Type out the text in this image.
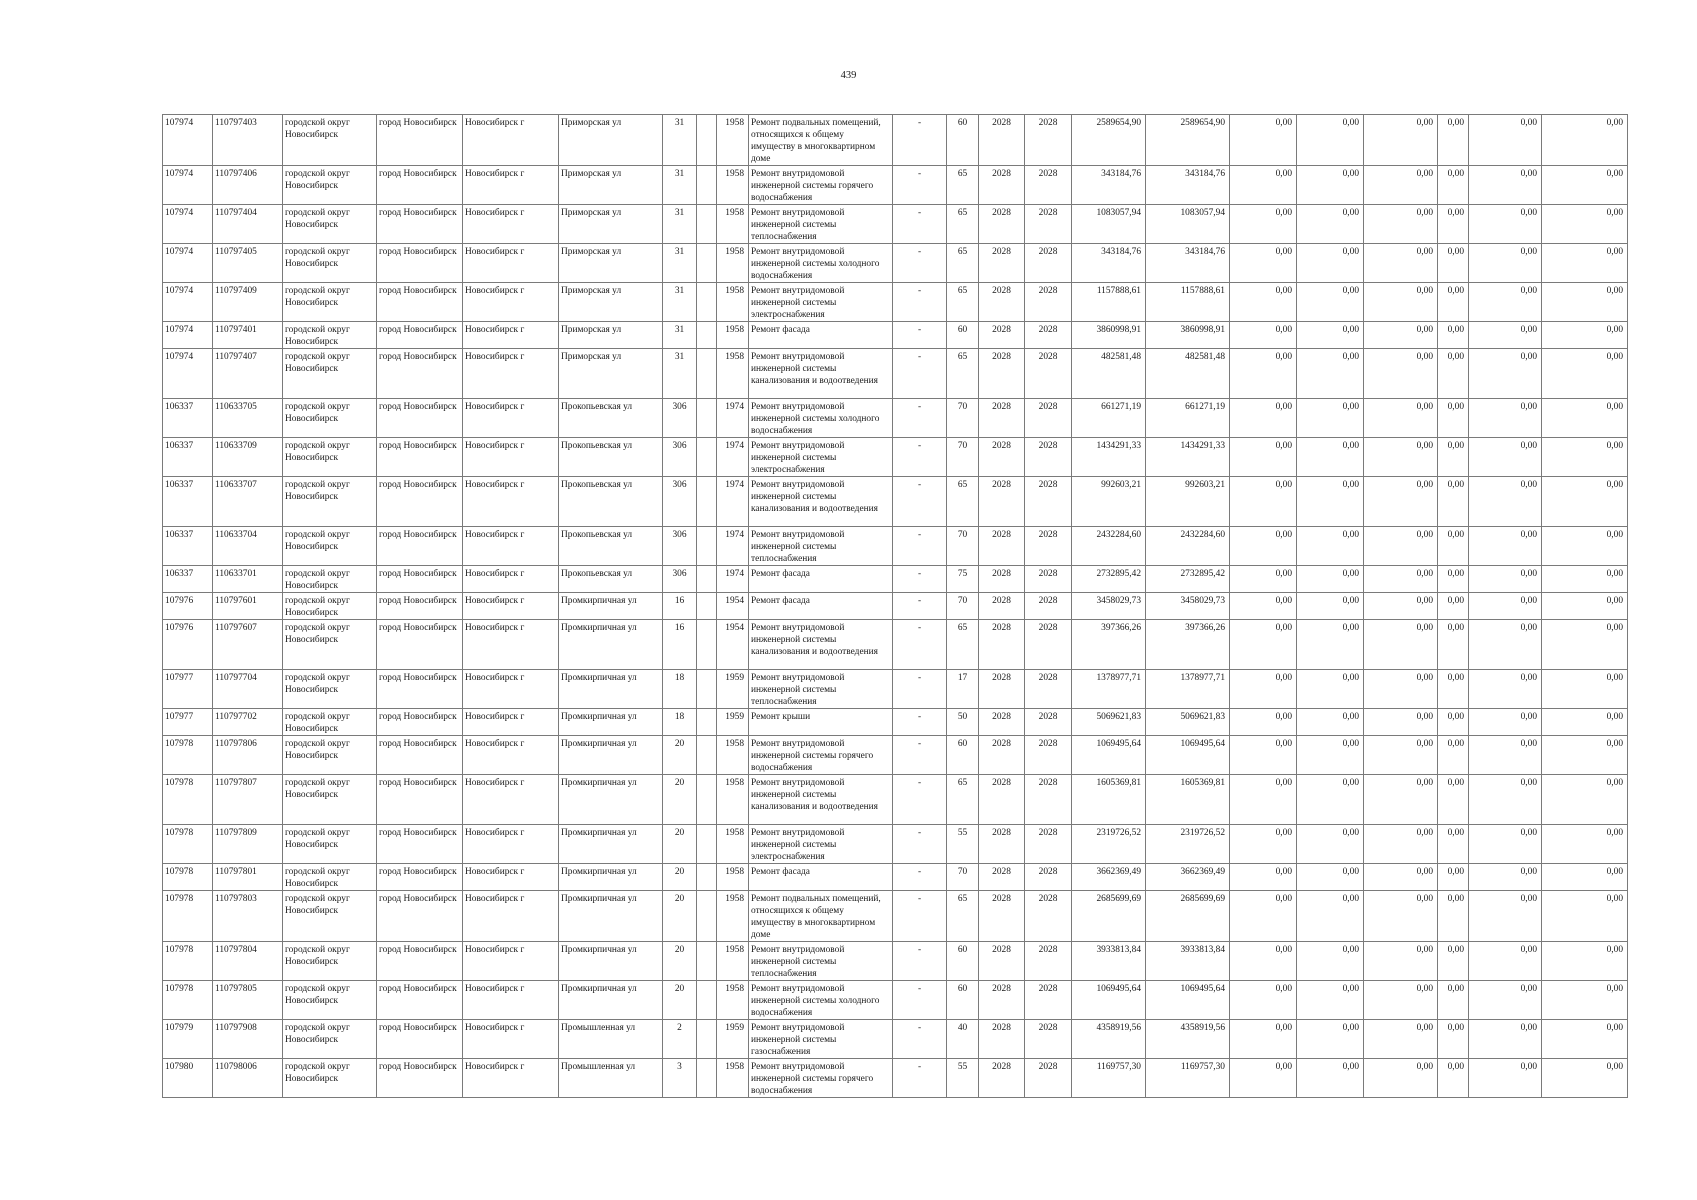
439
107974	110797403	городской округ Новосибирск	город Новосибирск	Новосибирск г	Приморская ул	31		1958	Ремонт подвальных помещений, относящихся к общему имуществу в многоквартирном доме	-	60	2028	2028	2589654,90	2589654,90	0,00	0,00	0,00	0,00	0,00	0,00
107974	110797406	городской округ Новосибирск	город Новосибирск	Новосибирск г	Приморская ул	31		1958	Ремонт внутридомовой инженерной системы горячего водоснабжения	-	65	2028	2028	343184,76	343184,76	0,00	0,00	0,00	0,00	0,00	0,00
107974	110797404	городской округ Новосибирск	город Новосибирск	Новосибирск г	Приморская ул	31		1958	Ремонт внутридомовой инженерной системы теплоснабжения	-	65	2028	2028	1083057,94	1083057,94	0,00	0,00	0,00	0,00	0,00	0,00
107974	110797405	городской округ Новосибирск	город Новосибирск	Новосибирск г	Приморская ул	31		1958	Ремонт внутридомовой инженерной системы холодного водоснабжения	-	65	2028	2028	343184,76	343184,76	0,00	0,00	0,00	0,00	0,00	0,00
107974	110797409	городской округ Новосибирск	город Новосибирск	Новосибирск г	Приморская ул	31		1958	Ремонт внутридомовой инженерной системы электроснабжения	-	65	2028	2028	1157888,61	1157888,61	0,00	0,00	0,00	0,00	0,00	0,00
107974	110797401	городской округ Новосибирск	город Новосибирск	Новосибирск г	Приморская ул	31		1958	Ремонт фасада	-	60	2028	2028	3860998,91	3860998,91	0,00	0,00	0,00	0,00	0,00	0,00
107974	110797407	городской округ Новосибирск	город Новосибирск	Новосибирск г	Приморская ул	31		1958	Ремонт внутридомовой инженерной системы канализования и водоотведения	-	65	2028	2028	482581,48	482581,48	0,00	0,00	0,00	0,00	0,00	0,00
106337	110633705	городской округ Новосибирск	город Новосибирск	Новосибирск г	Прокопьевская ул	306		1974	Ремонт внутридомовой инженерной системы холодного водоснабжения	-	70	2028	2028	661271,19	661271,19	0,00	0,00	0,00	0,00	0,00	0,00
106337	110633709	городской округ Новосибирск	город Новосибирск	Новосибирск г	Прокопьевская ул	306		1974	Ремонт внутридомовой инженерной системы электроснабжения	-	70	2028	2028	1434291,33	1434291,33	0,00	0,00	0,00	0,00	0,00	0,00
106337	110633707	городской округ Новосибирск	город Новосибирск	Новосибирск г	Прокопьевская ул	306		1974	Ремонт внутридомовой инженерной системы канализования и водоотведения	-	65	2028	2028	992603,21	992603,21	0,00	0,00	0,00	0,00	0,00	0,00
106337	110633704	городской округ Новосибирск	город Новосибирск	Новосибирск г	Прокопьевская ул	306		1974	Ремонт внутридомовой инженерной системы теплоснабжения	-	70	2028	2028	2432284,60	2432284,60	0,00	0,00	0,00	0,00	0,00	0,00
106337	110633701	городской округ Новосибирск	город Новосибирск	Новосибирск г	Прокопьевская ул	306		1974	Ремонт фасада	-	75	2028	2028	2732895,42	2732895,42	0,00	0,00	0,00	0,00	0,00	0,00
107976	110797601	городской округ Новосибирск	город Новосибирск	Новосибирск г	Промкирпичная ул	16		1954	Ремонт фасада	-	70	2028	2028	3458029,73	3458029,73	0,00	0,00	0,00	0,00	0,00	0,00
107976	110797607	городской округ Новосибирск	город Новосибирск	Новосибирск г	Промкирпичная ул	16		1954	Ремонт внутридомовой инженерной системы канализования и водоотведения	-	65	2028	2028	397366,26	397366,26	0,00	0,00	0,00	0,00	0,00	0,00
107977	110797704	городской округ Новосибирск	город Новосибирск	Новосибирск г	Промкирпичная ул	18		1959	Ремонт внутридомовой инженерной системы теплоснабжения	-	17	2028	2028	1378977,71	1378977,71	0,00	0,00	0,00	0,00	0,00	0,00
107977	110797702	городской округ Новосибирск	город Новосибирск	Новосибирск г	Промкирпичная ул	18		1959	Ремонт крыши	-	50	2028	2028	5069621,83	5069621,83	0,00	0,00	0,00	0,00	0,00	0,00
107978	110797806	городской округ Новосибирск	город Новосибирск	Новосибирск г	Промкирпичная ул	20		1958	Ремонт внутридомовой инженерной системы горячего водоснабжения	-	60	2028	2028	1069495,64	1069495,64	0,00	0,00	0,00	0,00	0,00	0,00
107978	110797807	городской округ Новосибирск	город Новосибирск	Новосибирск г	Промкирпичная ул	20		1958	Ремонт внутридомовой инженерной системы канализования и водоотведения	-	65	2028	2028	1605369,81	1605369,81	0,00	0,00	0,00	0,00	0,00	0,00
107978	110797809	городской округ Новосибирск	город Новосибирск	Новосибирск г	Промкирпичная ул	20		1958	Ремонт внутридомовой инженерной системы электроснабжения	-	55	2028	2028	2319726,52	2319726,52	0,00	0,00	0,00	0,00	0,00	0,00
107978	110797801	городской округ Новосибирск	город Новосибирск	Новосибирск г	Промкирпичная ул	20		1958	Ремонт фасада	-	70	2028	2028	3662369,49	3662369,49	0,00	0,00	0,00	0,00	0,00	0,00
107978	110797803	городской округ Новосибирск	город Новосибирск	Новосибирск г	Промкирпичная ул	20		1958	Ремонт подвальных помещений, относящихся к общему имуществу в многоквартирном доме	-	65	2028	2028	2685699,69	2685699,69	0,00	0,00	0,00	0,00	0,00	0,00
107978	110797804	городской округ Новосибирск	город Новосибирск	Новосибирск г	Промкирпичная ул	20		1958	Ремонт внутридомовой инженерной системы теплоснабжения	-	60	2028	2028	3933813,84	3933813,84	0,00	0,00	0,00	0,00	0,00	0,00
107978	110797805	городской округ Новосибирск	город Новосибирск	Новосибирск г	Промкирпичная ул	20		1958	Ремонт внутридомовой инженерной системы холодного водоснабжения	-	60	2028	2028	1069495,64	1069495,64	0,00	0,00	0,00	0,00	0,00	0,00
107979	110797908	городской округ Новосибирск	город Новосибирск	Новосибирск г	Промышленная ул	2		1959	Ремонт внутридомовой инженерной системы газоснабжения	-	40	2028	2028	4358919,56	4358919,56	0,00	0,00	0,00	0,00	0,00	0,00
107980	110798006	городской округ Новосибирск	город Новосибирск	Новосибирск г	Промышленная ул	3		1958	Ремонт внутридомовой инженерной системы горячего водоснабжения	-	55	2028	2028	1169757,30	1169757,30	0,00	0,00	0,00	0,00	0,00	0,00
